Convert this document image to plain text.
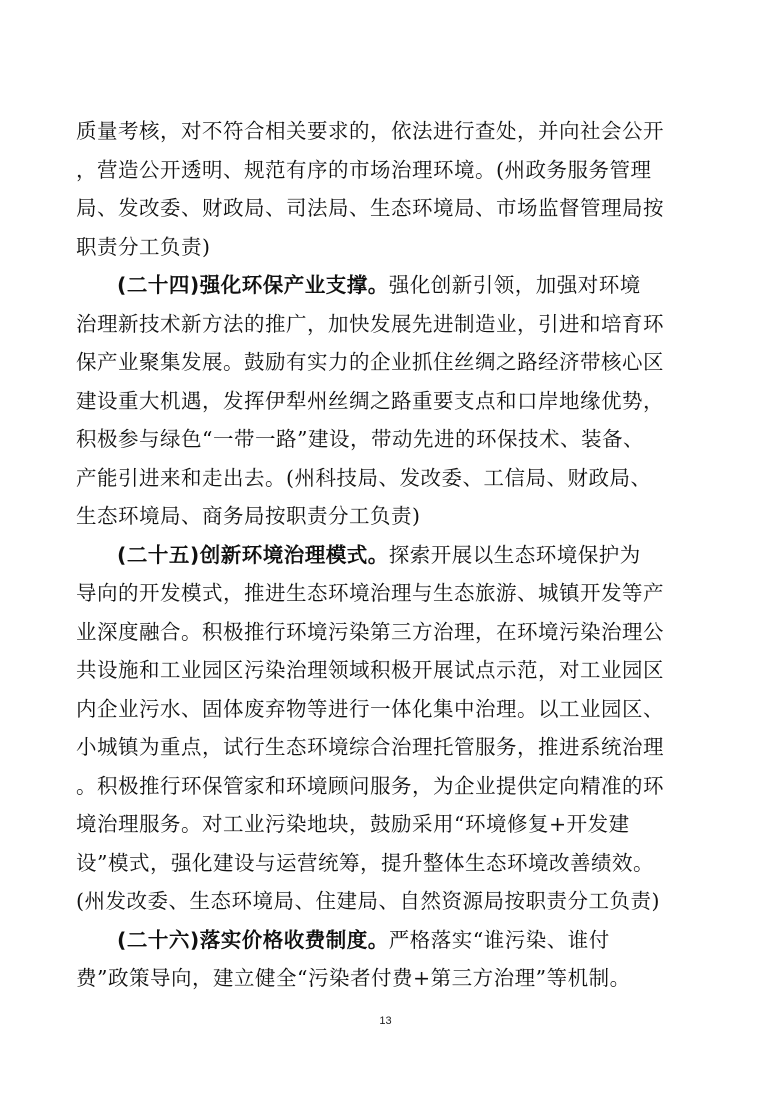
质量考核，对不符合相关要求的，依法进行查处，并向社会公开
，营造公开透明、规范有序的市场治理环境。(州政务服务管理
局、发改委、财政局、司法局、生态环境局、市场监督管理局按
职责分工负责)
(二十四)强化环保产业支撑。强化创新引领，加强对环境
治理新技术新方法的推广，加快发展先进制造业，引进和培育环
保产业聚集发展。鼓励有实力的企业抓住丝绸之路经济带核心区
建设重大机遇，发挥伊犁州丝绸之路重要支点和口岸地缘优势，
积极参与绿色“一带一路”建设，带动先进的环保技术、装备、
产能引进来和走出去。(州科技局、发改委、工信局、财政局、
生态环境局、商务局按职责分工负责)
(二十五)创新环境治理模式。探索开展以生态环境保护为
导向的开发模式，推进生态环境治理与生态旅游、城镇开发等产
业深度融合。积极推行环境污染第三方治理，在环境污染治理公
共设施和工业园区污染治理领域积极开展试点示范，对工业园区
内企业污水、固体废弃物等进行一体化集中治理。以工业园区、
小城镇为重点，试行生态环境综合治理托管服务，推进系统治理
。积极推行环保管家和环境顾问服务，为企业提供定向精准的环
境治理服务。对工业污染地块，鼓励采用“环境修复+开发建
设”模式，强化建设与运营统筹，提升整体生态环境改善绩效。
(州发改委、生态环境局、住建局、自然资源局按职责分工负责)
(二十六)落实价格收费制度。严格落实“谁污染、谁付
费”政策导向，建立健全“污染者付费+第三方治理”等机制。
13
